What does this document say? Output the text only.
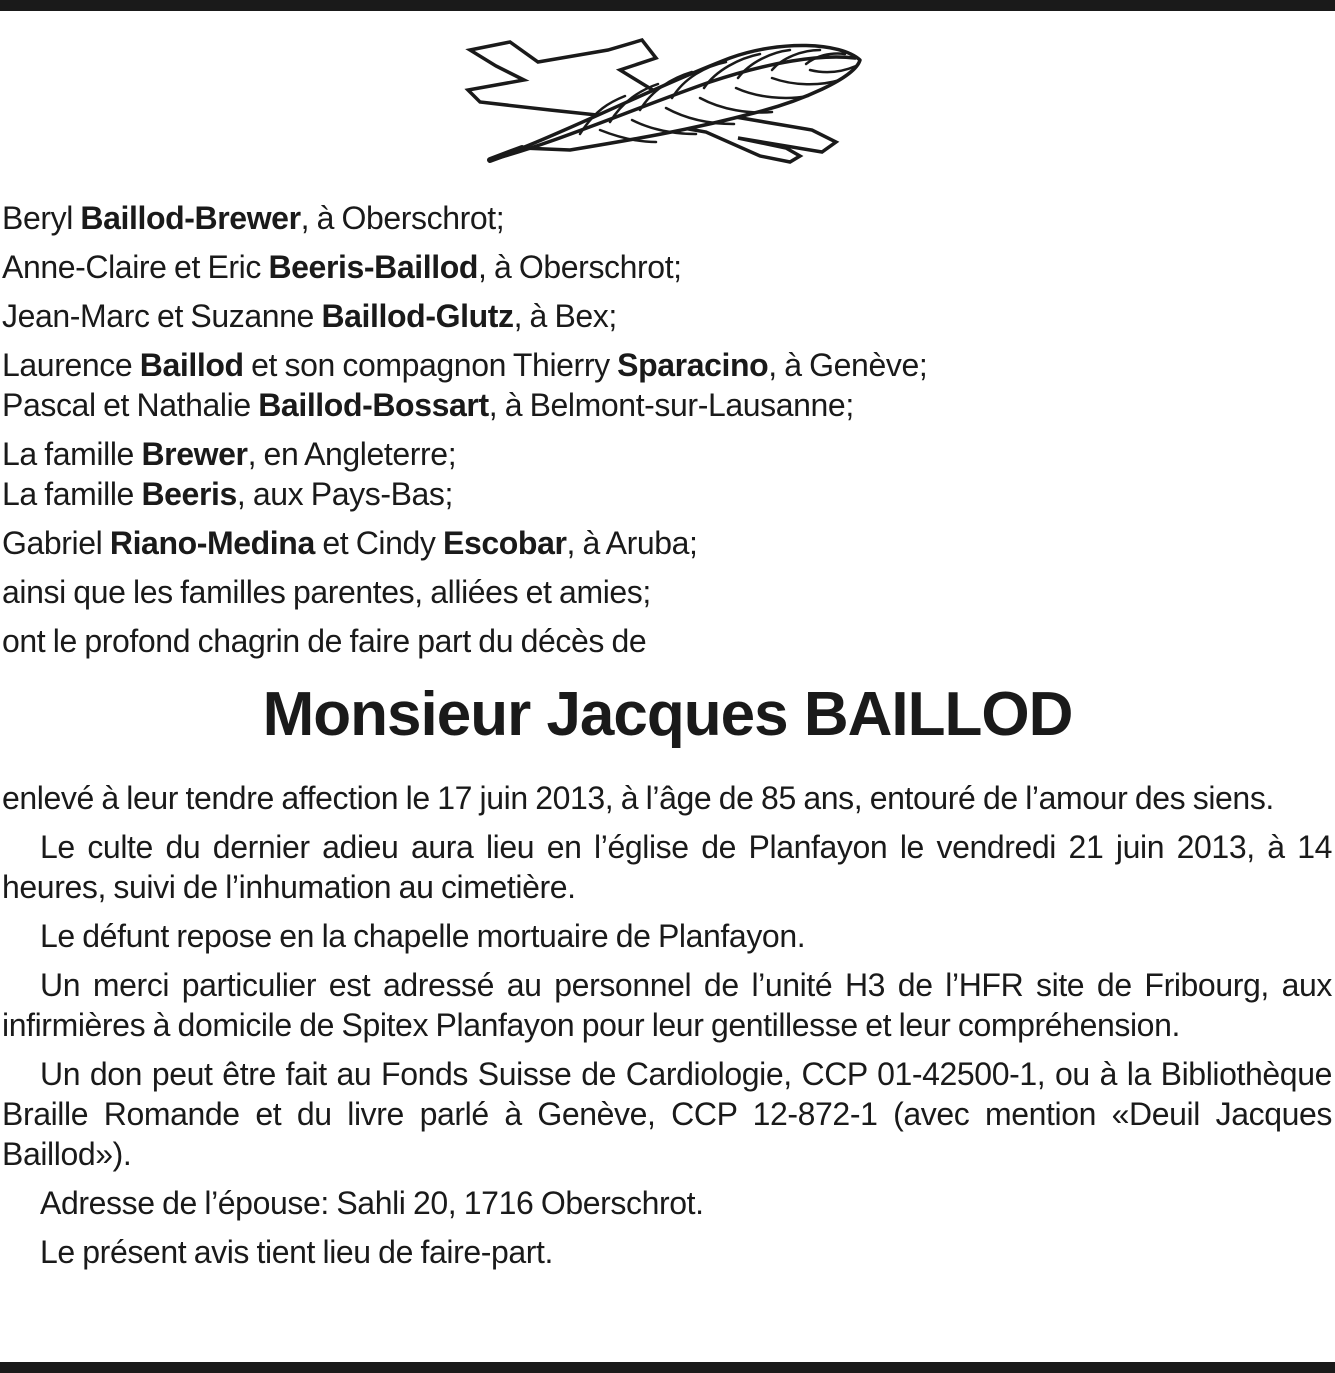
Beryl Baillod-Brewer, à Oberschrot;
Anne-Claire et Eric Beeris-Baillod, à Oberschrot;
Jean-Marc et Suzanne Baillod-Glutz, à Bex;
Laurence Baillod et son compagnon Thierry Sparacino, à Genève;
Pascal et Nathalie Baillod-Bossart, à Belmont-sur-Lausanne;
La famille Brewer, en Angleterre;
La famille Beeris, aux Pays-Bas;
Gabriel Riano-Medina et Cindy Escobar, à Aruba;
ainsi que les familles parentes, alliées et amies;
ont le profond chagrin de faire part du décès de
Monsieur Jacques BAILLOD

enlevé à leur tendre affection le 17 juin 2013, à l’âge de 85 ans, entouré de l’amour des siens.

Le culte du dernier adieu aura lieu en l’église de Planfayon le vendredi 21 juin 2013, à 14 heures, suivi de l’inhumation au cimetière.

Le défunt repose en la chapelle mortuaire de Planfayon.

Un merci particulier est adressé au personnel de l’unité H3 de l’HFR site de Fribourg, aux infirmières à domicile de Spitex Planfayon pour leur gentillesse et leur compréhension.

Un don peut être fait au Fonds Suisse de Cardiologie, CCP 01-42500-1, ou à la Bibliothèque Braille Romande et du livre parlé à Genève, CCP 12-872-1 (avec mention «Deuil Jacques Baillod»).

Adresse de l’épouse: Sahli 20, 1716 Oberschrot.

Le présent avis tient lieu de faire-part.
